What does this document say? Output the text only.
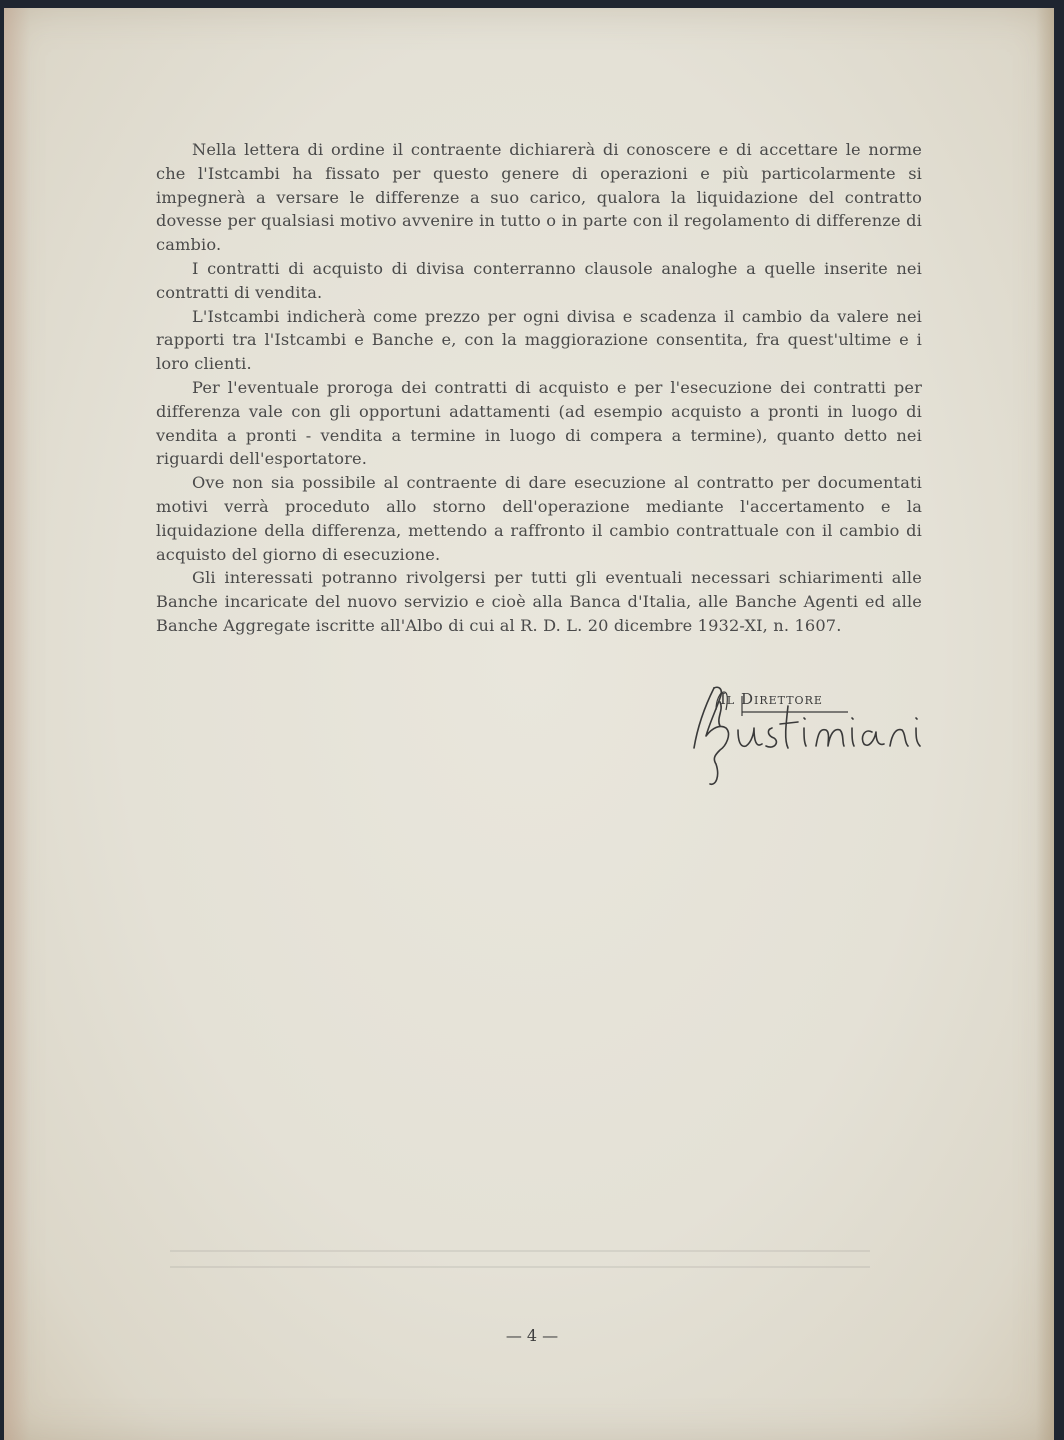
Nella lettera di ordine il contraente dichiarerà di conoscere e di accettare le norme che l'Istcambi ha fissato per questo genere di operazioni e più particolarmente si impegnerà a versare le differenze a suo carico, qualora la liquidazione del contratto dovesse per qualsiasi motivo avvenire in tutto o in parte con il regolamento di differenze di cambio.

I contratti di acquisto di divisa conterranno clausole analoghe a quelle inserite nei contratti di vendita.

L'Istcambi indicherà come prezzo per ogni divisa e scadenza il cambio da valere nei rapporti tra l'Istcambi e Banche e, con la maggiorazione consentita, fra quest'ultime e i loro clienti.

Per l'eventuale proroga dei contratti di acquisto e per l'esecuzione dei contratti per differenza vale con gli opportuni adattamenti (ad esempio acquisto a pronti in luogo di vendita a pronti - vendita a termine in luogo di compera a termine), quanto detto nei riguardi dell'esportatore.

Ove non sia possibile al contraente di dare esecuzione al contratto per documentati motivi verrà proceduto allo storno dell'operazione mediante l'accertamento e la liquidazione della differenza, mettendo a raffronto il cambio contrattuale con il cambio di acquisto del giorno di esecuzione.

Gli interessati potranno rivolgersi per tutti gli eventuali necessari schiarimenti alle Banche incaricate del nuovo servizio e cioè alla Banca d'Italia, alle Banche Agenti ed alle Banche Aggregate iscritte all'Albo di cui al R. D. L. 20 dicembre 1932-XI, n. 1607.

Il Direttore
— 4 —
